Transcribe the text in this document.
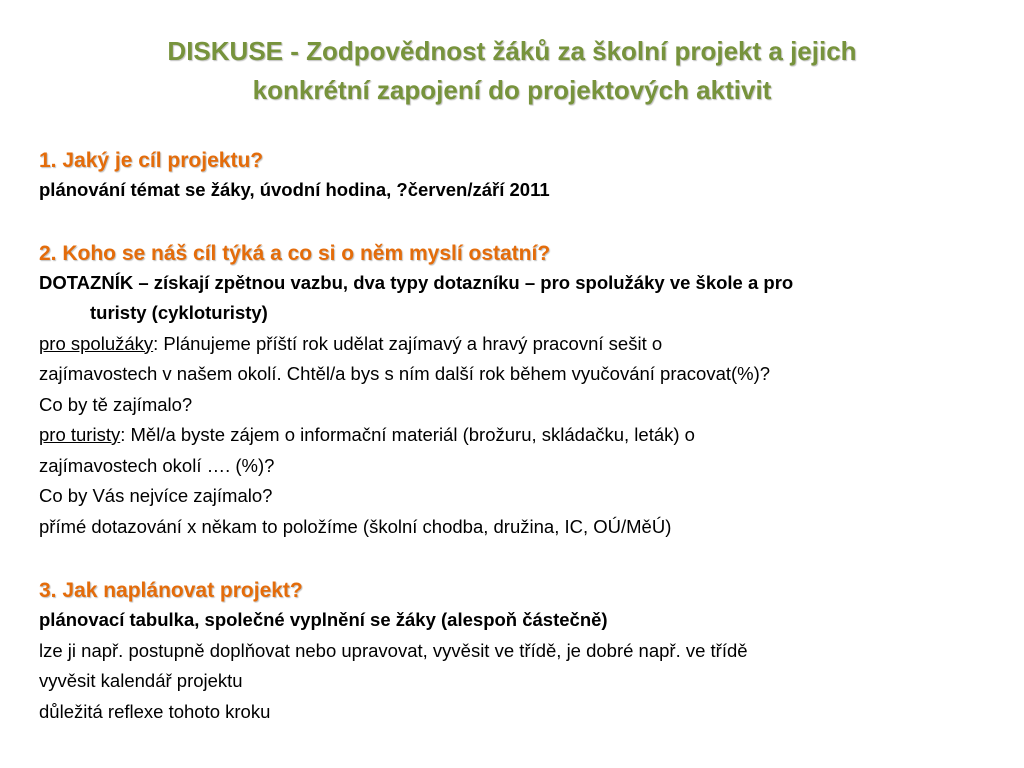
DISKUSE - Zodpovědnost žáků za školní projekt a jejich
konkrétní zapojení do projektových aktivit

1. Jaký je cíl projektu?

plánování témat se žáky, úvodní hodina, ?červen/září 2011

2. Koho se náš cíl týká a co si o něm myslí ostatní?

DOTAZNÍK – získají zpětnou vazbu, dva typy dotazníku – pro spolužáky ve škole a pro

turisty (cykloturisty)

pro spolužáky: Plánujeme příští rok udělat zajímavý a hravý pracovní sešit o

zajímavostech v našem okolí. Chtěl/a bys s ním další rok během vyučování pracovat(%)?

Co by tě zajímalo?

pro turisty: Měl/a byste zájem o informační materiál (brožuru, skládačku, leták) o

zajímavostech okolí …. (%)?

Co by Vás nejvíce zajímalo?

přímé dotazování x někam to položíme (školní chodba, družina, IC, OÚ/MěÚ)

3. Jak naplánovat projekt?

plánovací tabulka, společné vyplnění se žáky (alespoň částečně)

lze ji např. postupně doplňovat nebo upravovat, vyvěsit ve třídě, je dobré např. ve třídě

vyvěsit kalendář projektu

důležitá reflexe tohoto kroku
